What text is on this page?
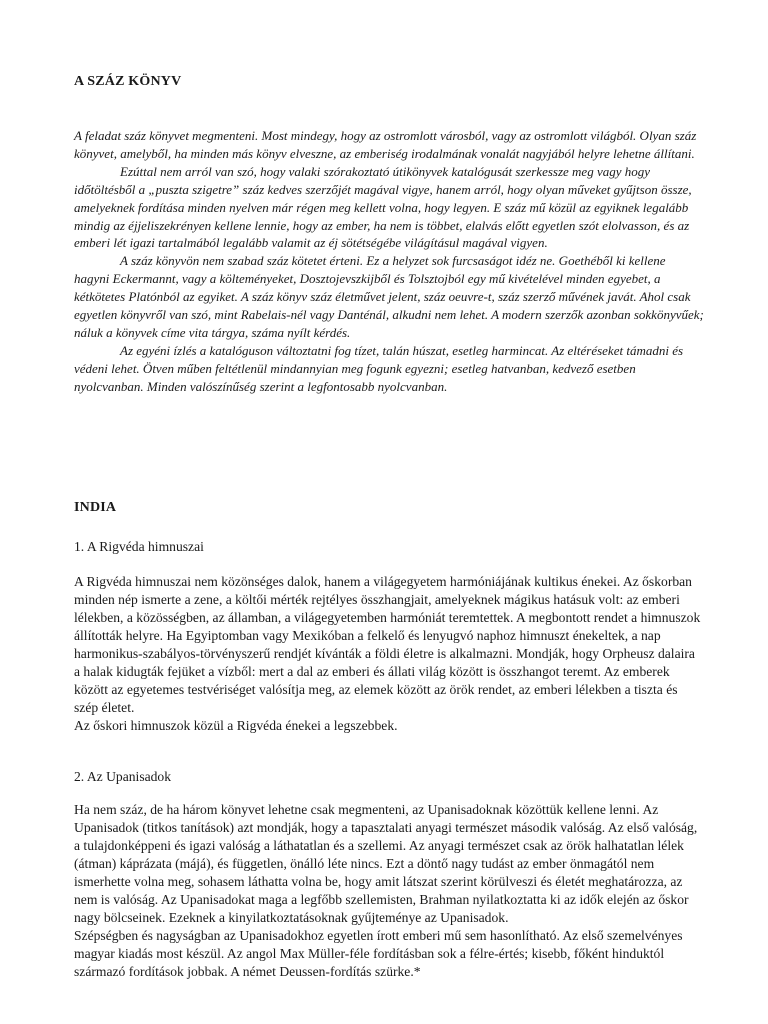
A SZÁZ KÖNYV

A feladat száz könyvet megmenteni. Most mindegy, hogy az ostromlott városból, vagy az ostromlott világból. Olyan száz könyvet, amelyből, ha minden más könyv elveszne, az emberiség irodalmának vonalát nagyjából helyre lehetne állítani.

Ezúttal nem arról van szó, hogy valaki szórakoztató útikönyvek katalógusát szerkessze meg vagy hogy időtöltésből a „puszta szigetre” száz kedves szerzőjét magával vigye, hanem arról, hogy olyan műveket gyűjtson össze, amelyeknek fordítása minden nyelven már régen meg kellett volna, hogy legyen. E száz mű közül az egyiknek legalább mindig az éjjeliszekrényen kellene lennie, hogy az ember, ha nem is többet, elalvás előtt egyetlen szót elolvasson, és az emberi lét igazi tartalmából legalább valamit az éj sötétségébe világításul magával vigyen.

A száz könyvön nem szabad száz kötetet érteni. Ez a helyzet sok furcsaságot idéz ne. Goethéből ki kellene hagyni Eckermannt, vagy a költeményeket, Dosztojevszkijből és Tolsztojból egy mű kivételével minden egyebet, a kétkötetes Platónból az egyiket. A száz könyv száz életművet jelent, száz oeuvre-t, száz szerző művének javát. Ahol csak egyetlen könyvről van szó, mint Rabelais-nél vagy Danténál, alkudni nem lehet. A modern szerzők azonban sokkönyvűek; náluk a könyvek címe vita tárgya, száma nyílt kérdés.

Az egyéni ízlés a katalóguson változtatni fog tízet, talán húszat, esetleg harmincat. Az eltéréseket támadni és védeni lehet. Ötven műben feltétlenül mindannyian meg fogunk egyezni; esetleg hatvanban, kedvező esetben nyolcvanban. Minden valószínűség szerint a legfontosabb nyolcvanban.

INDIA
1. A Rigvéda himnuszai

A Rigvéda himnuszai nem közönséges dalok, hanem a világegyetem harmóniájának kultikus énekei. Az őskorban minden nép ismerte a zene, a költői mérték rejtélyes összhangjait, amelyeknek mágikus hatásuk volt: az emberi lélekben, a közösségben, az államban, a világegyetemben harmóniát teremtettek. A megbontott rendet a himnuszok állították helyre. Ha Egyiptomban vagy Mexikóban a felkelő és lenyugvó naphoz himnuszt énekeltek, a nap harmonikus-szabályos-törvényszerű rendjét kívánták a földi életre is alkalmazni. Mondják, hogy Orpheusz dalaira a halak kidugták fejüket a vízből: mert a dal az emberi és állati világ között is összhangot teremt. Az emberek között az egyetemes testvériséget valósítja meg, az elemek között az örök rendet, az emberi lélekben a tiszta és szép életet.

Az őskori himnuszok közül a Rigvéda énekei a legszebbek.

2. Az Upanisadok

Ha nem száz, de ha három könyvet lehetne csak megmenteni, az Upanisadoknak közöttük kellene lenni. Az Upanisadok (titkos tanítások) azt mondják, hogy a tapasztalati anyagi természet második valóság. Az első valóság, a tulajdonképpeni és igazi valóság a láthatatlan és a szellemi. Az anyagi természet csak az örök halhatatlan lélek (átman) káprázata (májá), és független, önálló léte nincs. Ezt a döntő nagy tudást az ember önmagától nem ismerhette volna meg, sohasem láthatta volna be, hogy amit látszat szerint körülveszi és életét meghatározza, az nem is valóság. Az Upanisadokat maga a legfőbb szellemisten, Brahman nyilatkoztatta ki az idők elején az őskor nagy bölcseinek. Ezeknek a kinyilatkoztatásoknak gyűjteménye az Upanisadok.

Szépségben és nagyságban az Upanisadokhoz egyetlen írott emberi mű sem hasonlítható. Az első szemelvényes magyar kiadás most készül. Az angol Max Müller-féle fordításban sok a félre-értés; kisebb, főként hinduktól származó fordítások jobbak. A német Deussen-fordítás szürke.*
